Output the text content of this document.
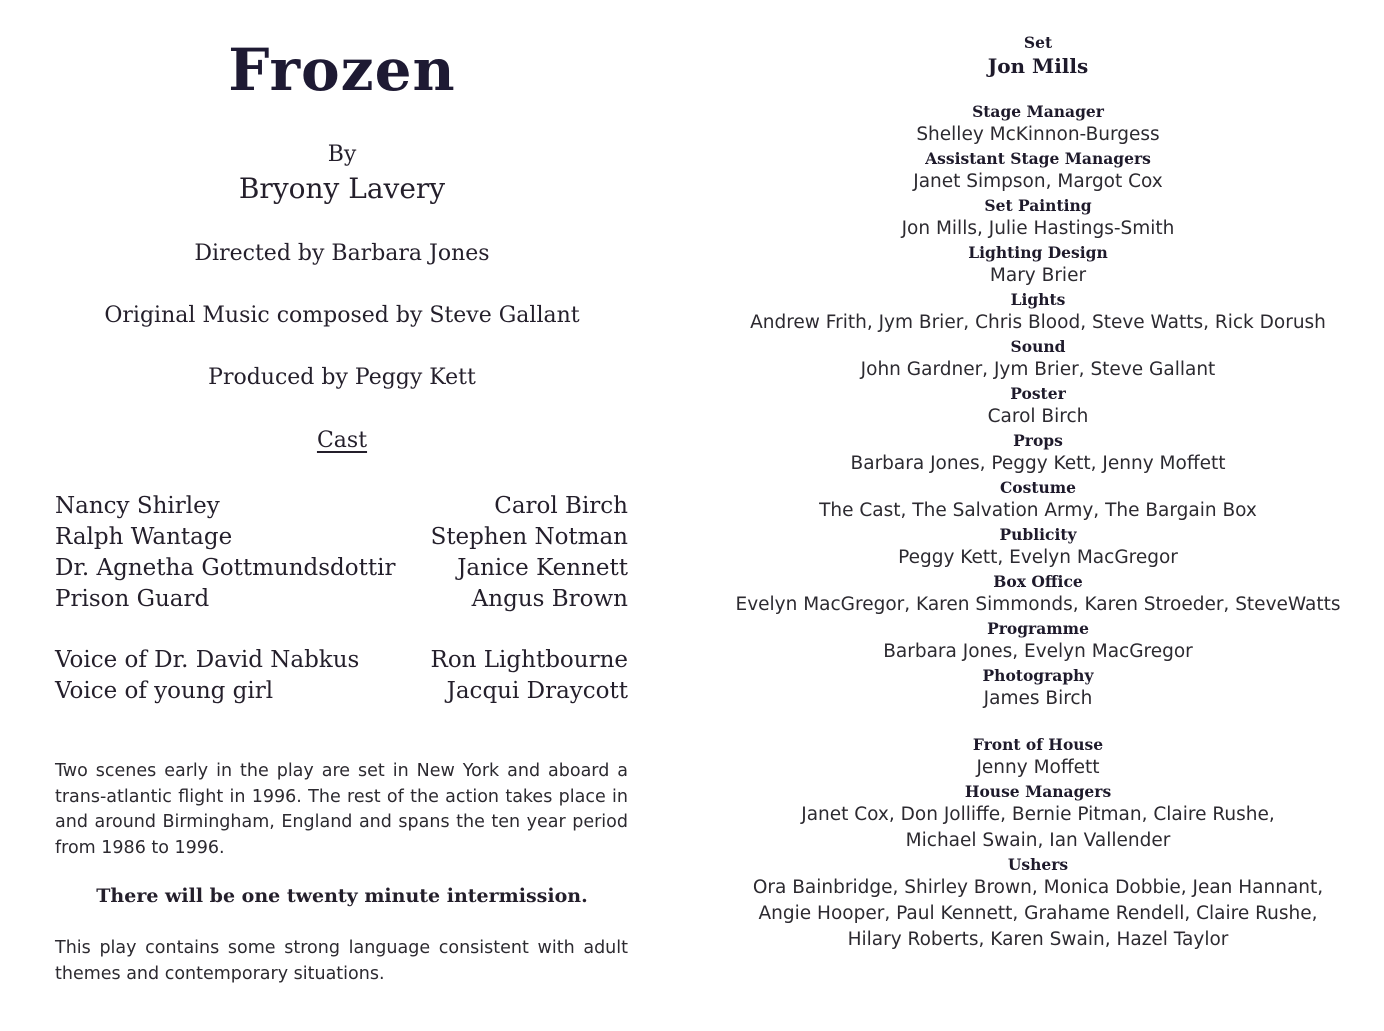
Frozen
By
Bryony Lavery
Directed by Barbara Jones
Original Music composed by Steve Gallant
Produced by Peggy Kett
Cast
Nancy Shirley	Carol Birch
Ralph Wantage	Stephen Notman
Dr. Agnetha Gottmundsdottir	Janice Kennett
Prison Guard	Angus Brown
Voice of Dr. David Nabkus	Ron Lightbourne
Voice of young girl	Jacqui Draycott
Two scenes early in the play are set in New York and aboard a trans-atlantic flight in 1996. The rest of the action takes place in and around Birmingham, England and spans the ten year period from 1986 to 1996.
There will be one twenty minute intermission.
This play contains some strong language consistent with adult themes and contemporary situations.
Set
Jon Mills
Stage Manager
Shelley McKinnon-Burgess
Assistant Stage Managers
Janet Simpson, Margot Cox
Set Painting
Jon Mills, Julie Hastings-Smith
Lighting Design
Mary Brier
Lights
Andrew Frith, Jym Brier, Chris Blood, Steve Watts, Rick Dorush
Sound
John Gardner, Jym Brier, Steve Gallant
Poster
Carol Birch
Props
Barbara Jones, Peggy Kett, Jenny Moffett
Costume
The Cast, The Salvation Army, The Bargain Box
Publicity
Peggy Kett, Evelyn MacGregor
Box Office
Evelyn MacGregor, Karen Simmonds, Karen Stroeder, SteveWatts
Programme
Barbara Jones, Evelyn MacGregor
Photography
James Birch
Front of House
Jenny Moffett
House Managers
Janet Cox, Don Jolliffe, Bernie Pitman, Claire Rushe,
Michael Swain, Ian Vallender
Ushers
Ora Bainbridge, Shirley Brown, Monica Dobbie, Jean Hannant,
Angie Hooper, Paul Kennett, Grahame Rendell, Claire Rushe,
Hilary Roberts, Karen Swain, Hazel Taylor
